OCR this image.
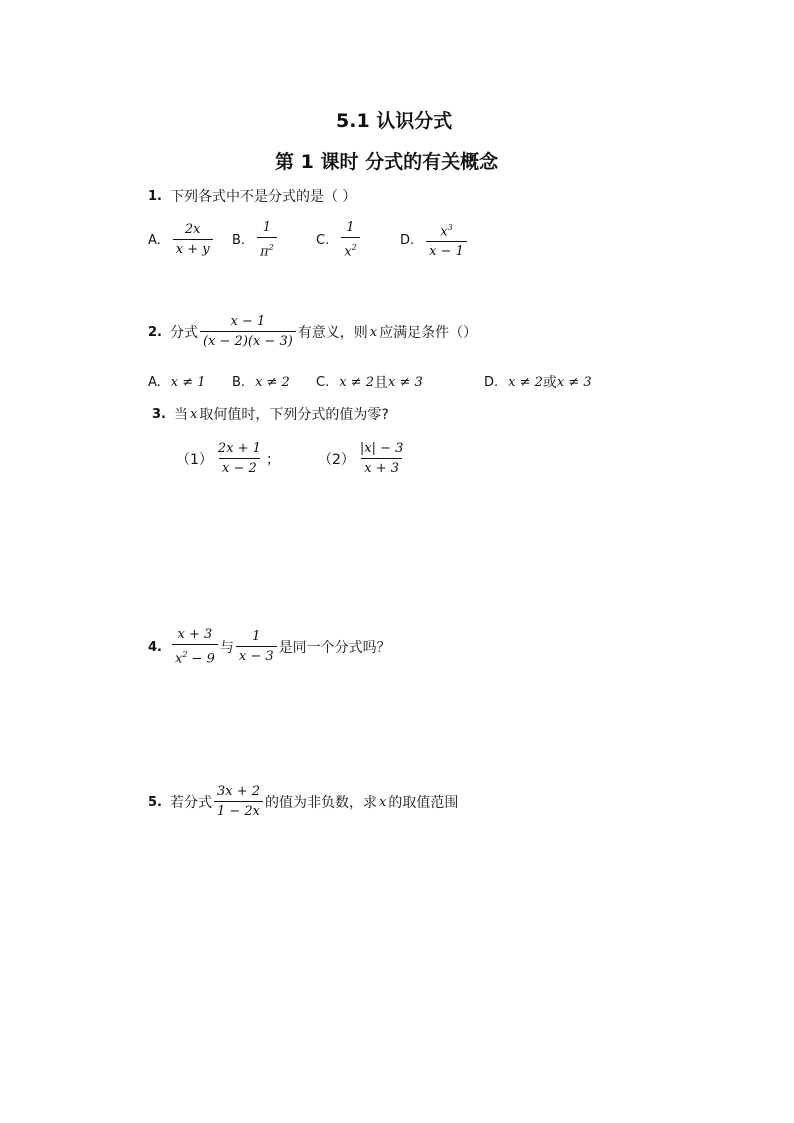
5.1 认识分式
第 1 课时 分式的有关概念
1. 下列各式中不是分式的是（ ）
A. $\frac{2x}{x + y} B$. $\frac{1}{\pi^2}$	C. $\frac{1}{x^2}$	D. $\frac{x^3}{x - 1}$
2. 分式 $\frac{x - 1}{(x - 2)(x - 3)}$ 有意义，则 x 应满足条件（）
A. x ≠ 1 B. x ≠ 2 C. x ≠ 2 且 x ≠ 3	D. x ≠ 2 或 x ≠ 3
3. 当 x 取何值时，下列分式的值为零?
$(1) \frac{2x + 1}{x - 2}$ ；	$(2) \frac{|x| - 3}{x + 3}$
4. $\frac{x + 3}{x^2 - 9}$ 与 $\frac{1}{x - 3}$ 是同一个分式吗？
5. 若分式 $\frac{3x + 2}{1 - 2x}$ 的值为非负数，求 x 的取值范围
